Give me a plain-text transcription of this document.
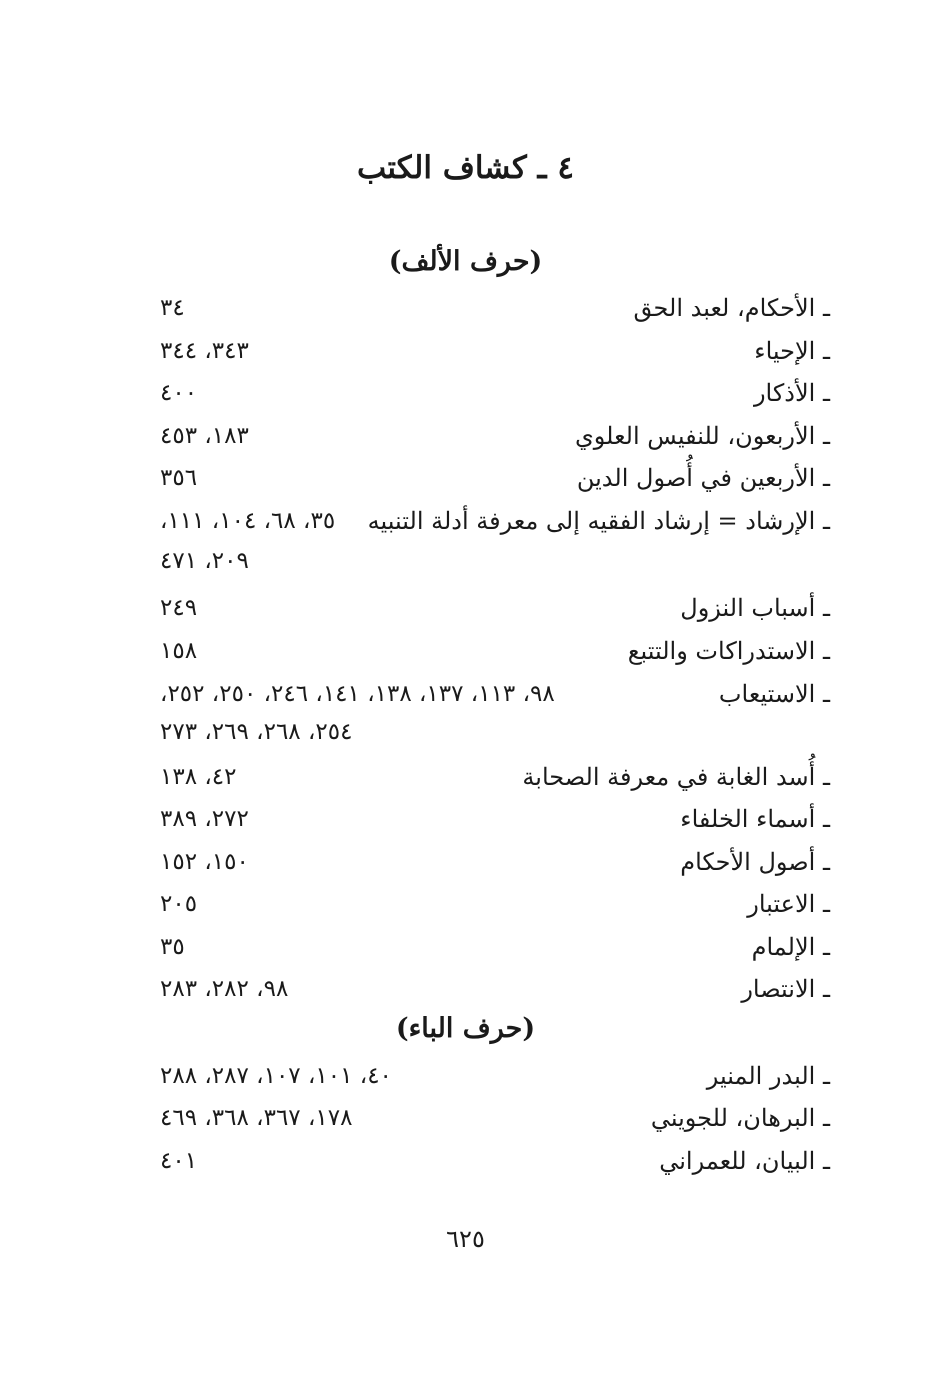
٤ ـ كشاف الكتب
(حرف الألف)
ـ الأحكام، لعبد الحق
٣٤
ـ الإحياء
٣٤٣، ٣٤٤
ـ الأذكار
٤٠٠
ـ الأربعون، للنفيس العلوي
١٨٣، ٤٥٣
ـ الأربعين في أُصول الدين
٣٥٦
ـ الإرشاد = إرشاد الفقيه إلى معرفة أدلة التنبيه
٣٥، ٦٨، ١٠٤، ١١١،
٢٠٩، ٤٧١
ـ أسباب النزول
٢٤٩
ـ الاستدراكات والتتبع
١٥٨
ـ الاستيعاب
٩٨، ١١٣، ١٣٧، ١٣٨، ١٤١، ٢٤٦، ٢٥٠، ٢٥٢،
٢٥٤، ٢٦٨، ٢٦٩، ٢٧٣
ـ أُسد الغابة في معرفة الصحابة
٤٢، ١٣٨
ـ أسماء الخلفاء
٢٧٢، ٣٨٩
ـ أصول الأحكام
١٥٠، ١٥٢
ـ الاعتبار
٢٠٥
ـ الإلمام
٣٥
ـ الانتصار
٩٨، ٢٨٢، ٢٨٣
(حرف الباء)
ـ البدر المنير
٤٠، ١٠١، ١٠٧، ٢٨٧، ٢٨٨
ـ البرهان، للجويني
١٧٨، ٣٦٧، ٣٦٨، ٤٦٩
ـ البيان، للعمراني
٤٠١
٦٢٥
